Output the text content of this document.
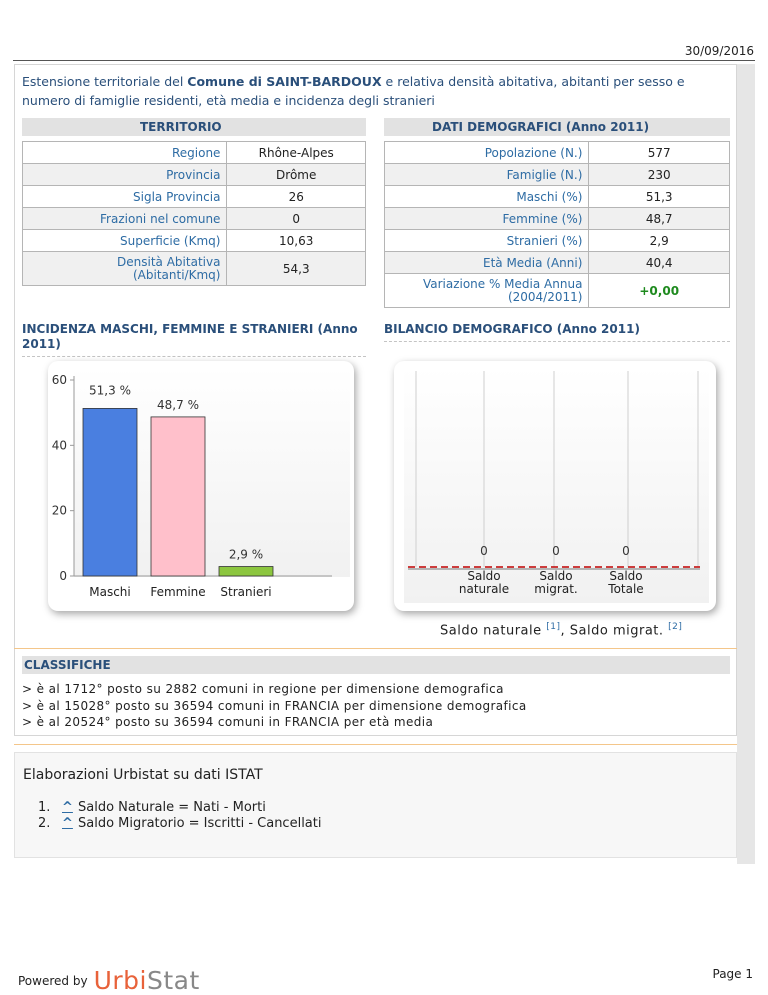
30/09/2016
Estensione territoriale del Comune di SAINT-BARDOUX e relativa densità abitativa, abitanti per sesso e numero di famiglie residenti, età media e incidenza degli stranieri
TERRITORIO	DATI DEMOGRAFICI (Anno 2011)
Regione	Rhône-Alpes
Provincia	Drôme
Sigla Provincia	26
Frazioni nel comune	0
Superficie (Kmq)	10,63
Densità Abitativa (Abitanti/Kmq)	54,3
Popolazione (N.)	577
Famiglie (N.)	230
Maschi (%)	51,3
Femmine (%)	48,7
Stranieri (%)	2,9
Età Media (Anni)	40,4
Variazione % Media Annua (2004/2011)	+0,00
INCIDENZA MASCHI, FEMMINE E STRANIERI (Anno 2011)
BILANCIO DEMOGRAFICO (Anno 2011)
0
20
40
60
51,3 %
Maschi
48,7 %
Femmine
2,9 %
Stranieri
0
Saldo
naturale
0
Saldo
migrat.
0
Saldo
Totale
Saldo naturale [1], Saldo migrat. [2]
CLASSIFICHE
> è al 1712° posto su 2882 comuni in regione per dimensione demografica
> è al 15028° posto su 36594 comuni in FRANCIA per dimensione demografica
> è al 20524° posto su 36594 comuni in FRANCIA per età media
Elaborazioni Urbistat su dati ISTAT
1. ^ Saldo Naturale = Nati - Morti
2. ^ Saldo Migratorio = Iscritti - Cancellati
Powered by UrbiStat	Page 1
